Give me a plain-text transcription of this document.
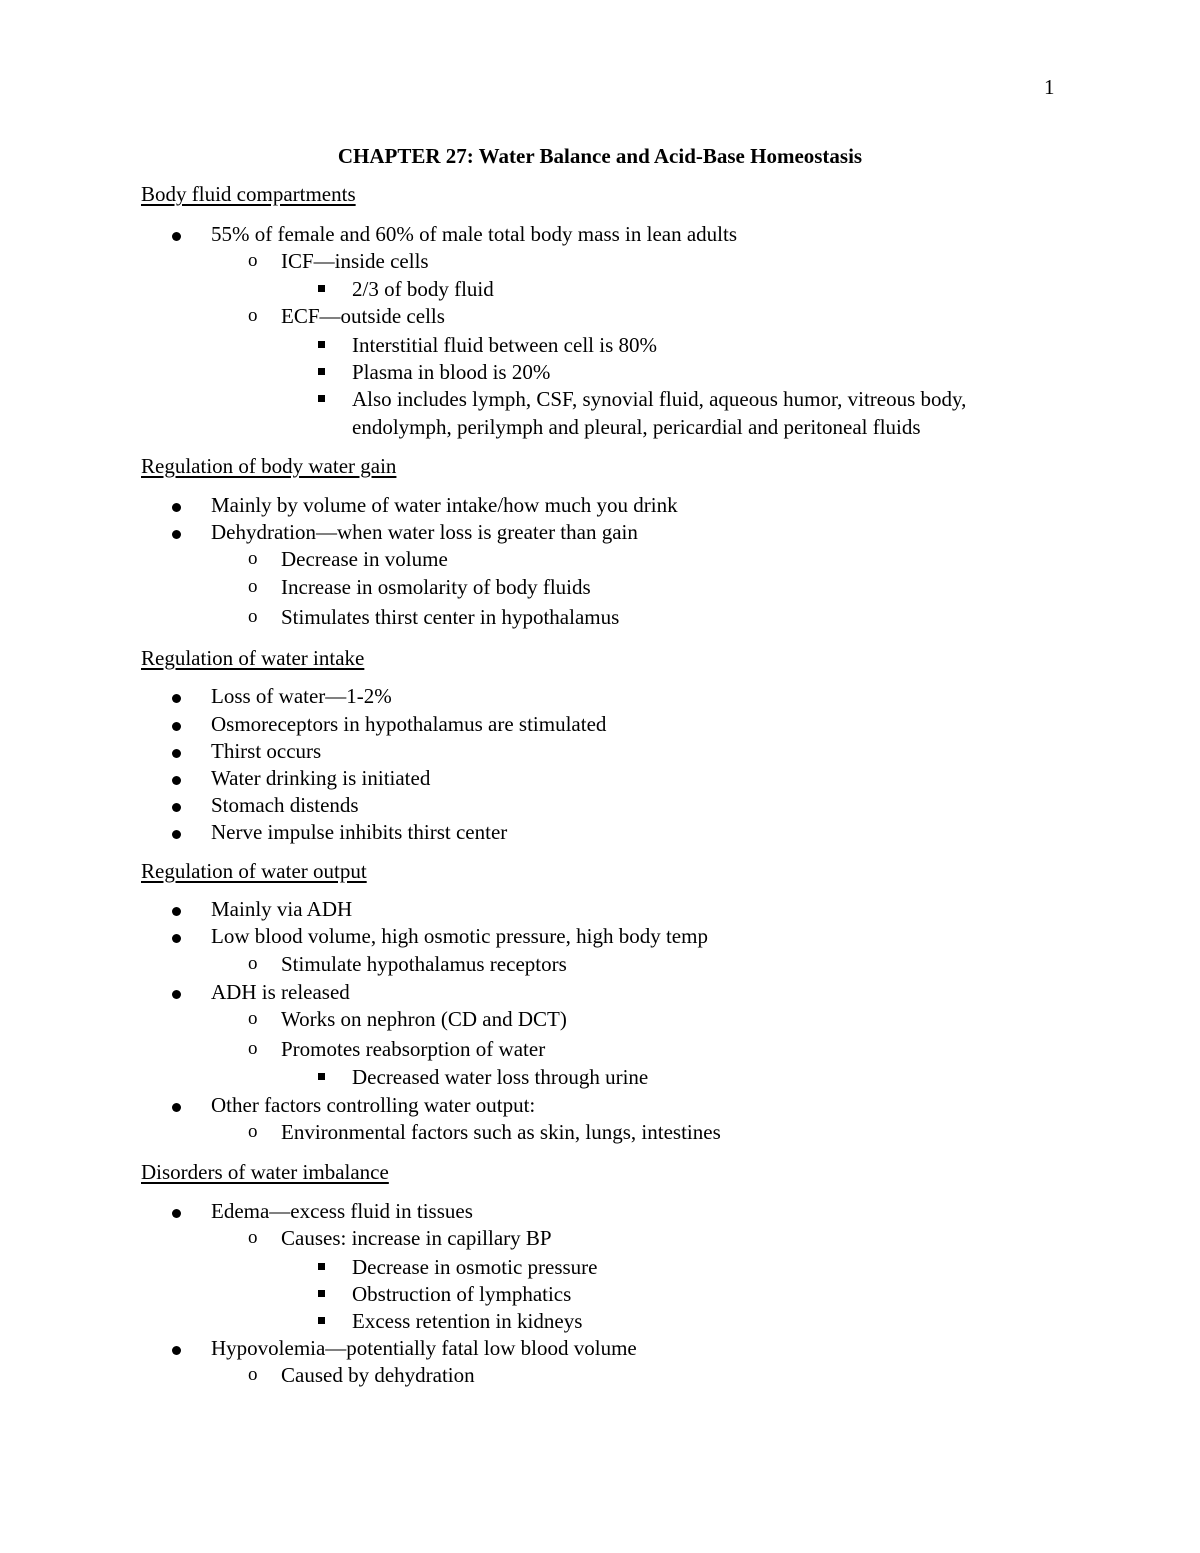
1
CHAPTER 27: Water Balance and Acid-Base Homeostasis
Body fluid compartments
55% of female and 60% of male total body mass in lean adults
o ICF—inside cells
2/3 of body fluid
o ECF—outside cells
Interstitial fluid between cell is 80%
Plasma in blood is 20%
Also includes lymph, CSF, synovial fluid, aqueous humor, vitreous body,
endolymph, perilymph and pleural, pericardial and peritoneal fluids
Regulation of body water gain
Mainly by volume of water intake/how much you drink
Dehydration—when water loss is greater than gain
o Decrease in volume
o Increase in osmolarity of body fluids
o Stimulates thirst center in hypothalamus
Regulation of water intake
Loss of water—1-2%
Osmoreceptors in hypothalamus are stimulated
Thirst occurs
Water drinking is initiated
Stomach distends
Nerve impulse inhibits thirst center
Regulation of water output
Mainly via ADH
Low blood volume, high osmotic pressure, high body temp
o Stimulate hypothalamus receptors
ADH is released
o Works on nephron (CD and DCT)
o Promotes reabsorption of water
Decreased water loss through urine
Other factors controlling water output:
o Environmental factors such as skin, lungs, intestines
Disorders of water imbalance
Edema—excess fluid in tissues
o Causes: increase in capillary BP
Decrease in osmotic pressure
Obstruction of lymphatics
Excess retention in kidneys
Hypovolemia—potentially fatal low blood volume
o Caused by dehydration
